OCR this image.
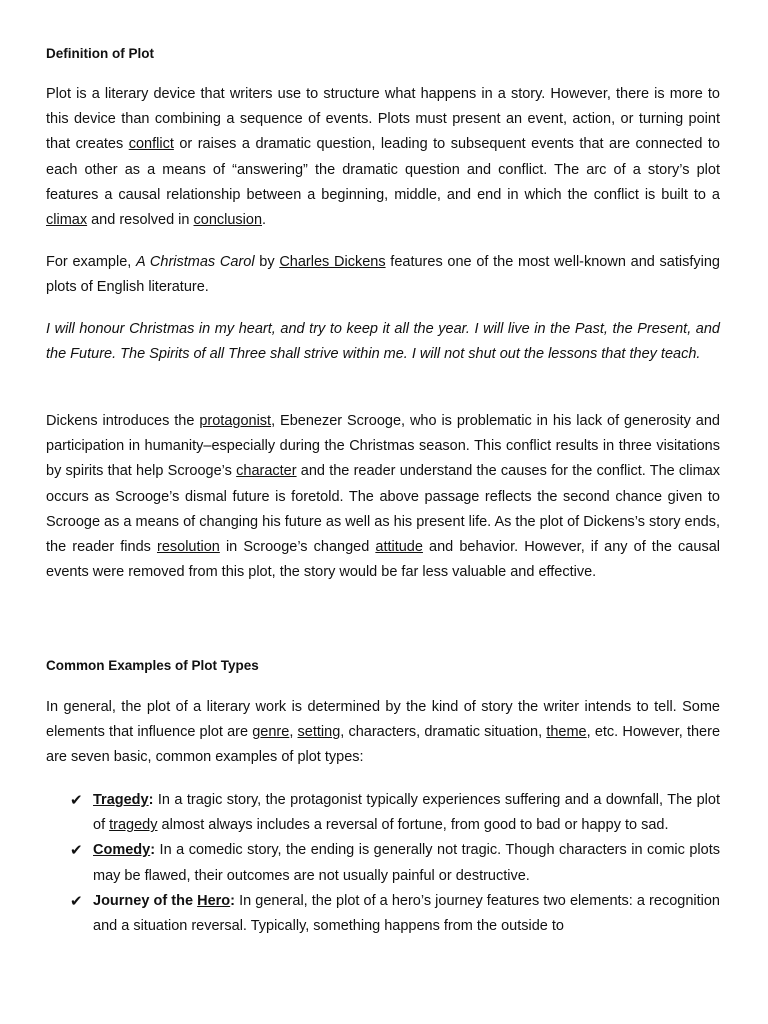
Definition of Plot

Plot is a literary device that writers use to structure what happens in a story. However, there is more to this device than combining a sequence of events. Plots must present an event, action, or turning point that creates conflict or raises a dramatic question, leading to subsequent events that are connected to each other as a means of “answering” the dramatic question and conflict. The arc of a story’s plot features a causal relationship between a beginning, middle, and end in which the conflict is built to a climax and resolved in conclusion.

For example, A Christmas Carol by Charles Dickens features one of the most well-known and satisfying plots of English literature.

I will honour Christmas in my heart, and try to keep it all the year. I will live in the Past, the Present, and the Future. The Spirits of all Three shall strive within me. I will not shut out the lessons that they teach.

Dickens introduces the protagonist, Ebenezer Scrooge, who is problematic in his lack of generosity and participation in humanity–especially during the Christmas season. This conflict results in three visitations by spirits that help Scrooge’s character and the reader understand the causes for the conflict. The climax occurs as Scrooge’s dismal future is foretold. The above passage reflects the second chance given to Scrooge as a means of changing his future as well as his present life. As the plot of Dickens’s story ends, the reader finds resolution in Scrooge’s changed attitude and behavior. However, if any of the causal events were removed from this plot, the story would be far less valuable and effective.

Common Examples of Plot Types

In general, the plot of a literary work is determined by the kind of story the writer intends to tell. Some elements that influence plot are genre, setting, characters, dramatic situation, theme, etc. However, there are seven basic, common examples of plot types:

✔ Tragedy: In a tragic story, the protagonist typically experiences suffering and a downfall, The plot of tragedy almost always includes a reversal of fortune, from good to bad or happy to sad.
✔ Comedy: In a comedic story, the ending is generally not tragic. Though characters in comic plots may be flawed, their outcomes are not usually painful or destructive.
✔ Journey of the Hero: In general, the plot of a hero’s journey features two elements: a recognition and a situation reversal. Typically, something happens from the outside to
